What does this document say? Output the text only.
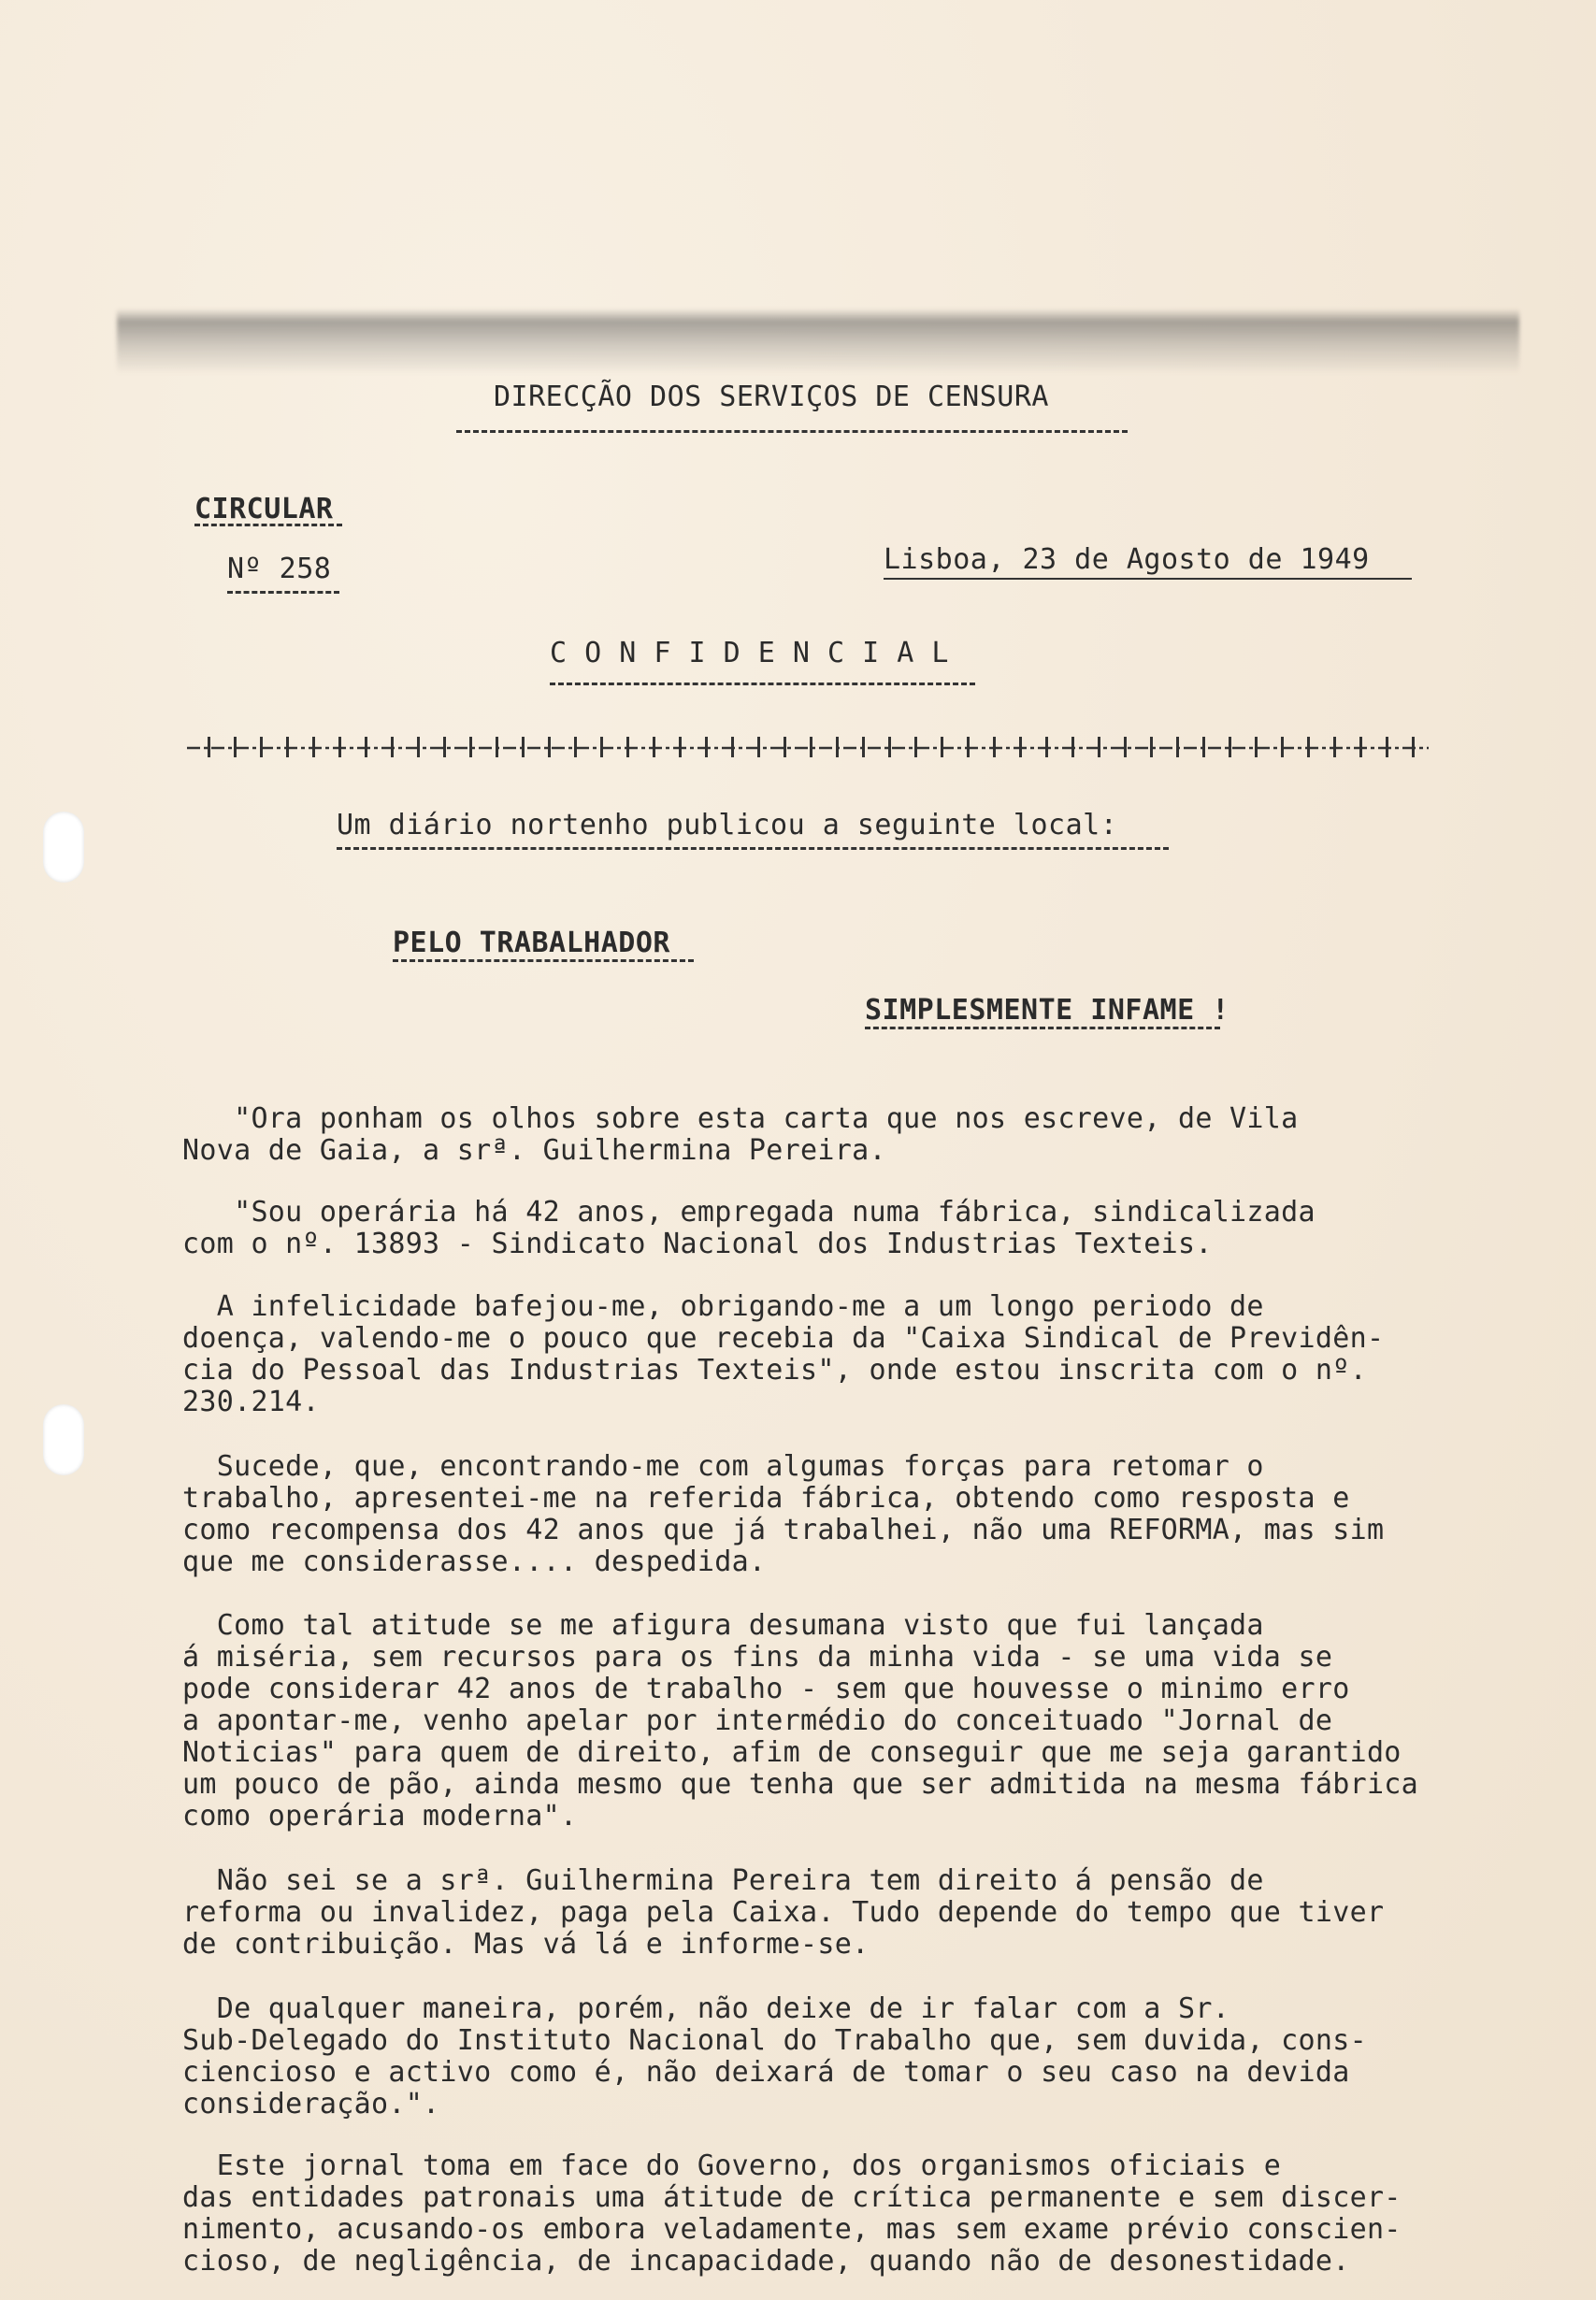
DIRECÇÃO DOS SERVIÇOS DE CENSURA
CIRCULAR
Nº 258	Lisboa, 23 de Agosto de 1949
C O N F I D E N C I A L
Um diário nortenho publicou a seguinte local:
PELO TRABALHADOR
SIMPLESMENTE INFAME !
"Ora ponham os olhos sobre esta carta que nos escreve, de Vila
Nova de Gaia, a srª. Guilhermina Pereira.
"Sou operária há 42 anos, empregada numa fábrica, sindicalizada
com o nº. 13893 - Sindicato Nacional dos Industrias Texteis.
A infelicidade bafejou-me, obrigando-me a um longo periodo de
doença, valendo-me o pouco que recebia da "Caixa Sindical de Previdên-
cia do Pessoal das Industrias Texteis", onde estou inscrita com o nº.
230.214.
Sucede, que, encontrando-me com algumas forças para retomar o
trabalho, apresentei-me na referida fábrica, obtendo como resposta e
como recompensa dos 42 anos que já trabalhei, não uma REFORMA, mas sim
que me considerasse.... despedida.
Como tal atitude se me afigura desumana visto que fui lançada
á miséria, sem recursos para os fins da minha vida - se uma vida se
pode considerar 42 anos de trabalho - sem que houvesse o minimo erro
a apontar-me, venho apelar por intermédio do conceituado "Jornal de
Noticias" para quem de direito, afim de conseguir que me seja garantido
um pouco de pão, ainda mesmo que tenha que ser admitida na mesma fábrica
como operária moderna".
Não sei se a srª. Guilhermina Pereira tem direito á pensão de
reforma ou invalidez, paga pela Caixa. Tudo depende do tempo que tiver
de contribuição. Mas vá lá e informe-se.
De qualquer maneira, porém, não deixe de ir falar com a Sr.
Sub-Delegado do Instituto Nacional do Trabalho que, sem duvida, cons-
ciencioso e activo como é, não deixará de tomar o seu caso na devida
consideração.".
Este jornal toma em face do Governo, dos organismos oficiais e
das entidades patronais uma átitude de crítica permanente e sem discer-
nimento, acusando-os embora veladamente, mas sem exame prévio conscien-
cioso, de negligência, de incapacidade, quando não de desonestidade.
